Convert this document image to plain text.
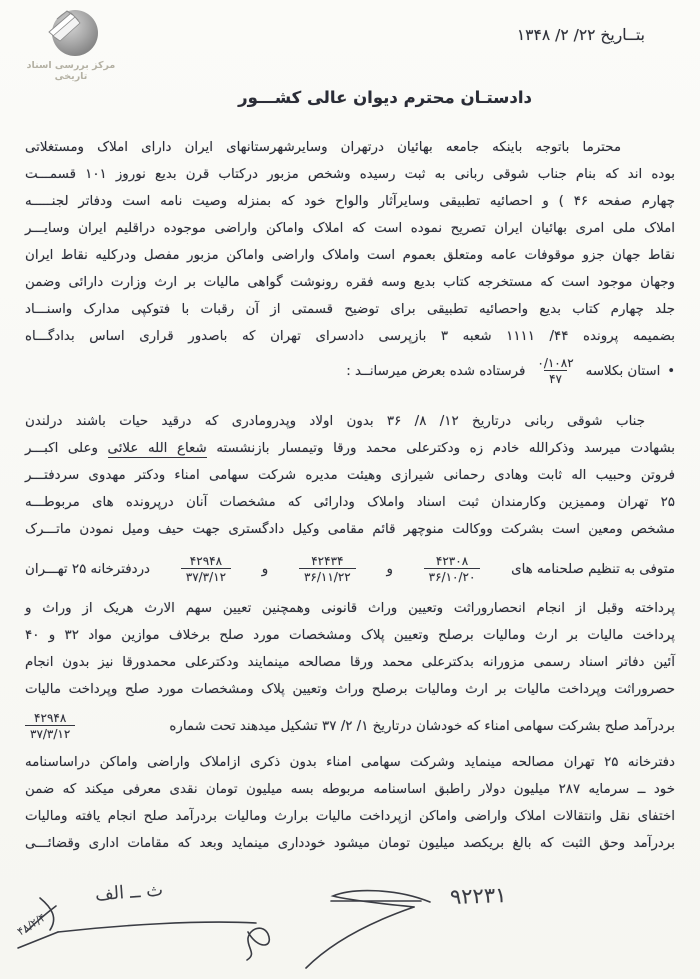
مرکز بررسی اسناد تاریخی
بتــاریخ ۲۲/ ۲/ ۱۳۴۸
دادستـان محترم دیوان عالی کشـــور
محترما باتوجه باینکه جامعه بهائیان درتهران وسایرشهرستانهای ایران دارای املاک ومستغلاتی
بوده اند که بنام جناب شوقی ربانی به ثبت رسیده وشخص مزبور درکتاب قرن بدیع نوروز ۱۰۱ قسمـــت
چهارم صفحه ۴۶ ) و احصائیه تطبیقی وسایرآثار والواح خود که بمنزله وصیت نامه است ودفاتر لجنـــــه
املاک ملی امری بهائیان ایران تصریح نموده است که املاک واماکن واراضی موجوده دراقلیم ایران وسایـــر
نقاط جهان جزو موقوفات عامه ومتعلق بعموم است واملاک واراضی واماکن مزبور مفصل ودرکلیه نقاط ایران
وجهان موجود است که مستخرجه کتاب بدیع وسه فقره رونوشت گواهی مالیات بر ارث وزارت دارائی وضمن
جلد چهارم کتاب بدیع واحصائیه تطبیقی برای توضیح قسمتی از آن رقبات با فتوکپی مدارک واسنـــاد
بضمیمه پرونده ۴۴/ ۱۱۱۱ شعبه ۳ بازپرسی دادسرای تهران که باصدور قراری اساس بدادگـــاه
•
استان بکلاسه
$\frac{۰/۱۰۸۲}{۴۷}$
فرستاده شده بعرض میرسانــد :
جناب شوقی ربانی درتاریخ ۱۲/ ۸/ ۳۶ بدون اولاد وپدرومادری که درقید حیات باشند درلندن
بشهادت میرسد وذکرالله خادم زه ودکترعلی محمد ورقا وتیمسار بازنشسته شعاع الله علائی وعلی اکبـــر
فروتن وحبیب اله ثابت وهادی رحمانی شیرازی وهیئت مدیره شرکت سهامی امناء ودکتر مهدوی سردفتـــر
۲۵ تهران وممیزین وکارمندان ثبت اسناد واملاک ودارائی که مشخصات آنان درپرونده های مربوطـــه
مشخص ومعین است بشرکت ووکالت منوچهر قائم مقامی وکیل دادگستری جهت حیف ومیل نمودن ماتـــرک
متوفی به تنظیم صلحنامه های
$\frac{۴۲۳۰۸}{۳۶/۱۰/۲۰}$
و
$\frac{۴۲۴۳۴}{۳۶/۱۱/۲۲}$
و
$\frac{۴۲۹۴۸}{۳۷/۳/۱۲}$
دردفترخانه ۲۵ تهـــران
پرداخته وقبل از انجام انحصاروراثت وتعیین وراث قانونی وهمچنین تعیین سهم الارث هریک از وراث و
پرداخت مالیات بر ارث ومالیات برصلح وتعیین پلاک ومشخصات مورد صلح برخلاف موازین مواد ۳۲ و ۴۰
آئین دفاتر اسناد رسمی مزورانه بدکترعلی محمد ورقا مصالحه مینمایند ودکترعلی محمدورقا نیز بدون انجام
حصروراثت وپرداخت مالیات بر ارث ومالیات برصلح وراث وتعیین پلاک ومشخصات مورد صلح وپرداخت مالیات
بردرآمد صلح بشرکت سهامی امناء که خودشان درتاریخ ۱/ ۲/ ۳۷ تشکیل میدهند تحت شماره
$\frac{۴۲۹۴۸}{۳۷/۳/۱۲}$
دفترخانه ۲۵ تهران مصالحه مینماید وشرکت سهامی امناء بدون ذکری ازاملاک واراضی واماکن دراساسنامه
خود ــ سرمایه ۲۸۷ میلیون دولار راطبق اساسنامه مربوطه بسه میلیون تومان نقدی معرفی میکند که ضمن
اختفای نقل وانتقالات املاک واراضی واماکن ازپرداخت مالیات برارث ومالیات بردرآمد صلح انجام یافته ومالیات
بردرآمد وحق الثبت که بالغ بریکصد میلیون تومان میشود خودداری مینماید وبعد که مقامات اداری وقضائـــی
۹۲۲۳۱
ث ــ الف
۴۸/۲/۴
